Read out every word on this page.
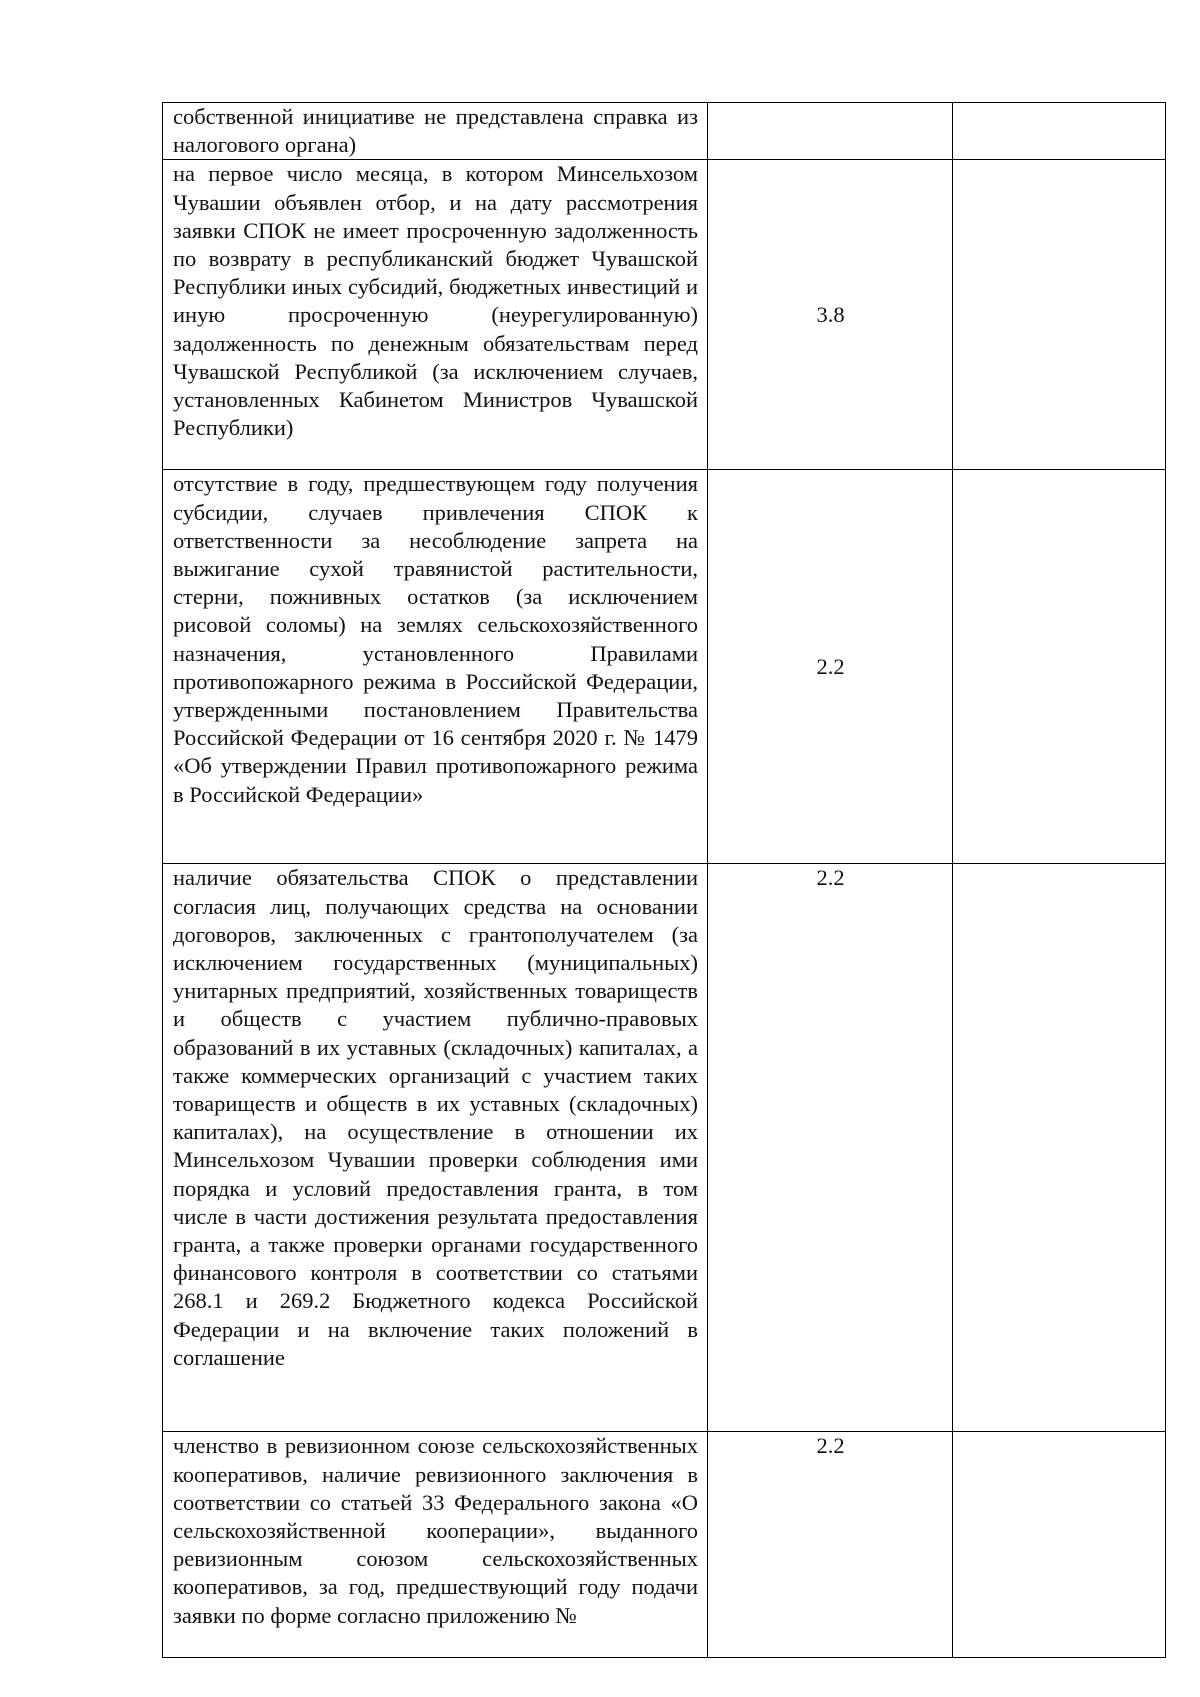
собственной инициативе не представлена справка из налогового органа)		
на первое число месяца, в котором Минсельхозом Чувашии объявлен отбор, и на дату рассмотрения заявки СПОК не имеет просроченную задолженность по возврату в республиканский бюджет Чувашской Республики иных субсидий, бюджетных инвестиций и иную просроченную (неурегулированную) задолженность по денежным обязательствам перед Чувашской Республикой (за исключением случаев, установленных Кабинетом Министров Чувашской Республики)	3.8	
отсутствие в году, предшествующем году получения субсидии, случаев привлечения СПОК к ответственности за несоблюдение запрета на выжигание сухой травянистой растительности, стерни, пожнивных остатков (за исключением рисовой соломы) на землях сельскохозяйственного назначения, установленного Правилами противопожарного режима в Российской Федерации, утвержденными постановлением Правительства Российской Федерации от 16 сентября 2020 г. № 1479 «Об утверждении Правил противопожарного режима в Российской Федерации»	2.2	
наличие обязательства СПОК о представлении согласия лиц, получающих средства на основании договоров, заключенных с грантополучателем (за исключением государственных (муниципальных) унитарных предприятий, хозяйственных товариществ и обществ с участием публично-правовых образований в их уставных (складочных) капиталах, а также коммерческих организаций с участием таких товариществ и обществ в их уставных (складочных) капиталах), на осуществление в отношении их Минсельхозом Чувашии проверки соблюдения ими порядка и условий предоставления гранта, в том числе в части достижения результата предоставления гранта, а также проверки органами государственного финансового контроля в соответствии со статьями 268.1 и 269.2 Бюджетного кодекса Российской Федерации и на включение таких положений в соглашение	2.2	
членство в ревизионном союзе сельскохозяйственных кооперативов, наличие ревизионного заключения в соответствии со статьей 33 Федерального закона «О сельскохозяйственной кооперации», выданного ревизионным союзом сельскохозяйственных кооперативов, за год, предшествующий году подачи заявки по форме согласно приложению №	2.2	
